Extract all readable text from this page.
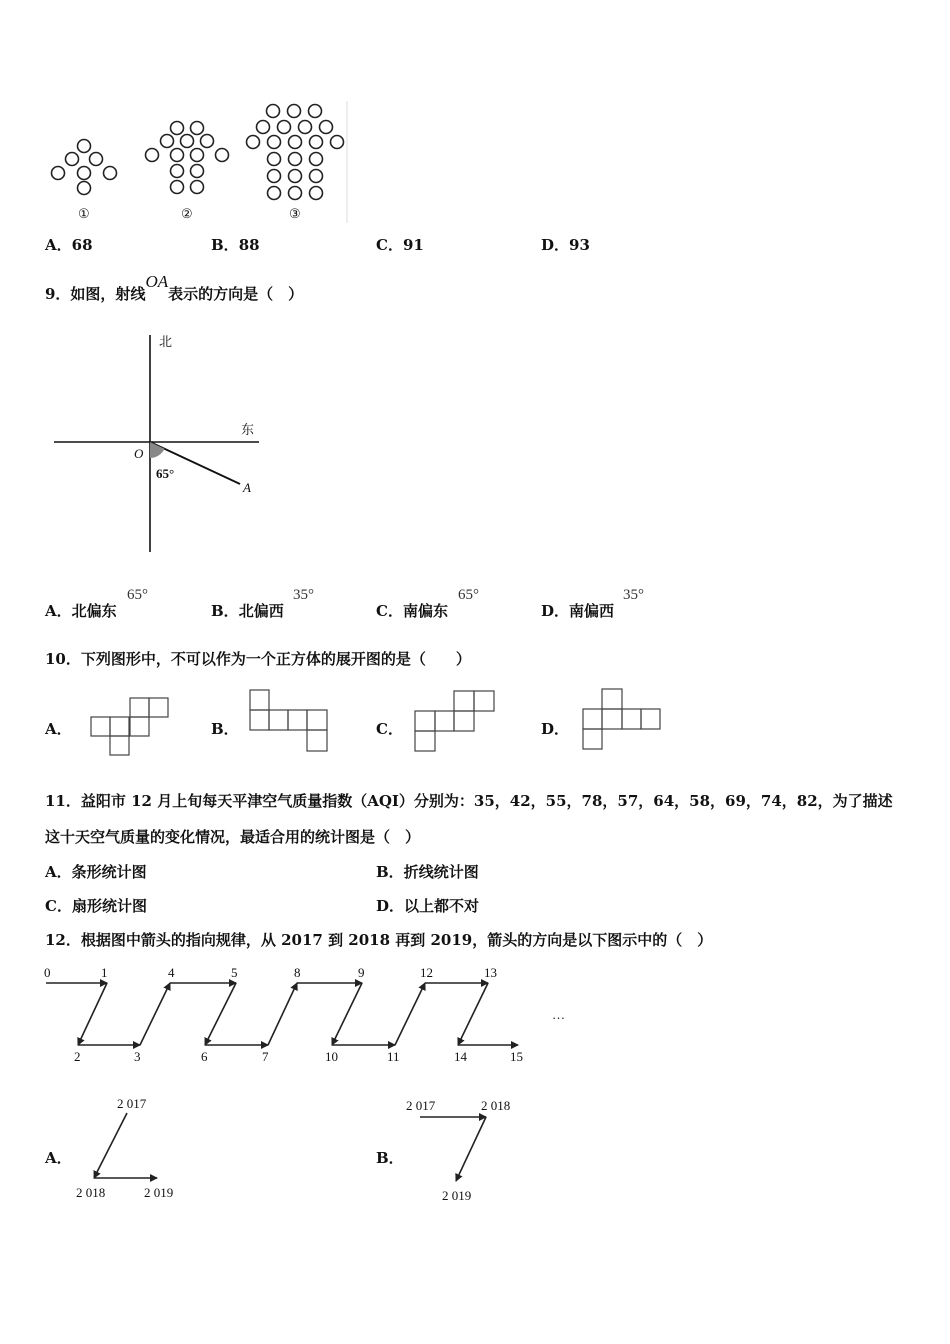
①	②	③
A．68	B．88	C．91	D．93
9．如图，射线OA表示的方向是（　）
北
东
O
A
65°
A．北偏东
65°
B．北偏西
35°
C．南偏东
65°
D．南偏西
35°
10．下列图形中，不可以作为一个正方体的展开图的是（　　）
A．	B．	C．	D．
11．益阳市 12 月上旬每天平津空气质量指数（AQI）分别为：35，42，55，78，57，64，58，69，74，82，为了描述
这十天空气质量的变化情况，最适合用的统计图是（　）
A．条形统计图	B．折线统计图
C．扇形统计图	D．以上都不对
12．根据图中箭头的指向规律，从 2017 到 2018 再到 2019，箭头的方向是以下图示中的（　）
0	1
2	3
4	5
6	7
8	9
10	11
12	13
14	15
…
A．
2 017
2 018	2 019
B．
2 017	2 018
2 019
